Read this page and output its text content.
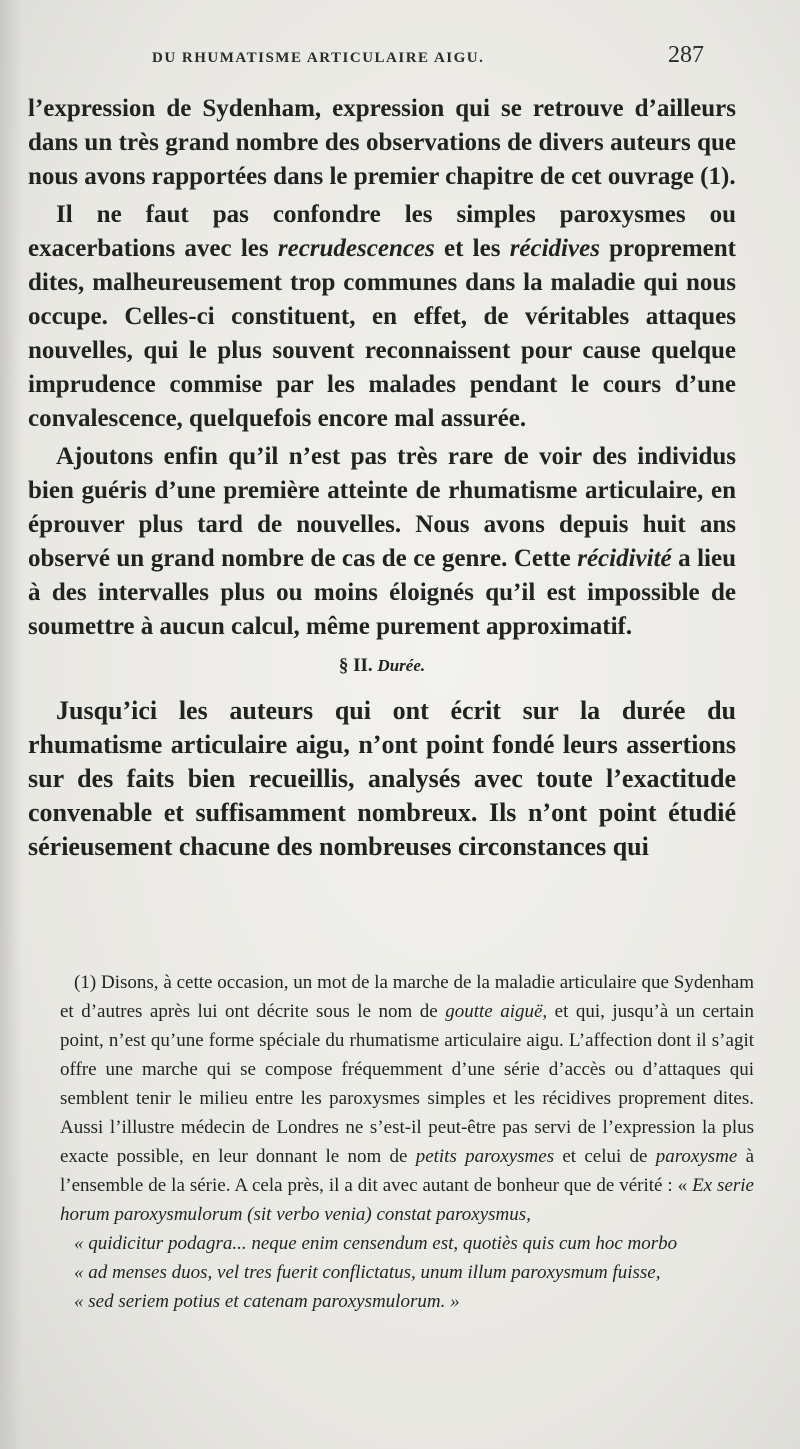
DU RHUMATISME ARTICULAIRE AIGU.	287

l’expression de Sydenham, expression qui se retrouve d’ailleurs dans un très grand nombre des observations de divers auteurs que nous avons rapportées dans le premier chapitre de cet ouvrage (1).

Il ne faut pas confondre les simples paroxysmes ou exacerbations avec les recrudescences et les récidives proprement dites, malheureusement trop communes dans la maladie qui nous occupe. Celles-ci constituent, en effet, de véritables attaques nouvelles, qui le plus souvent reconnaissent pour cause quelque imprudence commise par les malades pendant le cours d’une convalescence, quelquefois encore mal assurée.

Ajoutons enfin qu’il n’est pas très rare de voir des individus bien guéris d’une première atteinte de rhumatisme articulaire, en éprouver plus tard de nouvelles. Nous avons depuis huit ans observé un grand nombre de cas de ce genre. Cette récidivité a lieu à des intervalles plus ou moins éloignés qu’il est impossible de soumettre à aucun calcul, même purement approximatif.

§ II. Durée.

Jusqu’ici les auteurs qui ont écrit sur la durée du rhumatisme articulaire aigu, n’ont point fondé leurs assertions sur des faits bien recueillis, analysés avec toute l’exactitude convenable et suffisamment nombreux. Ils n’ont point étudié sérieusement chacune des nombreuses circonstances qui

(1) Disons, à cette occasion, un mot de la marche de la maladie articulaire que Sydenham et d’autres après lui ont décrite sous le nom de goutte aiguë, et qui, jusqu’à un certain point, n’est qu’une forme spéciale du rhumatisme articulaire aigu. L’affection dont il s’agit offre une marche qui se compose fréquemment d’une série d’accès ou d’attaques qui semblent tenir le milieu entre les paroxysmes simples et les récidives proprement dites. Aussi l’illustre médecin de Londres ne s’est-il peut-être pas servi de l’expression la plus exacte possible, en leur donnant le nom de petits paroxysmes et celui de paroxysme à l’ensemble de la série. A cela près, il a dit avec autant de bonheur que de vérité : « Ex serie horum paroxysmulorum (sit verbo venia) constat paroxysmus,
« quidicitur podagra... neque enim censendum est, quotiès quis cum hoc morbo
« ad menses duos, vel tres fuerit conflictatus, unum illum paroxysmum fuisse,
« sed seriem potius et catenam paroxysmulorum. »
